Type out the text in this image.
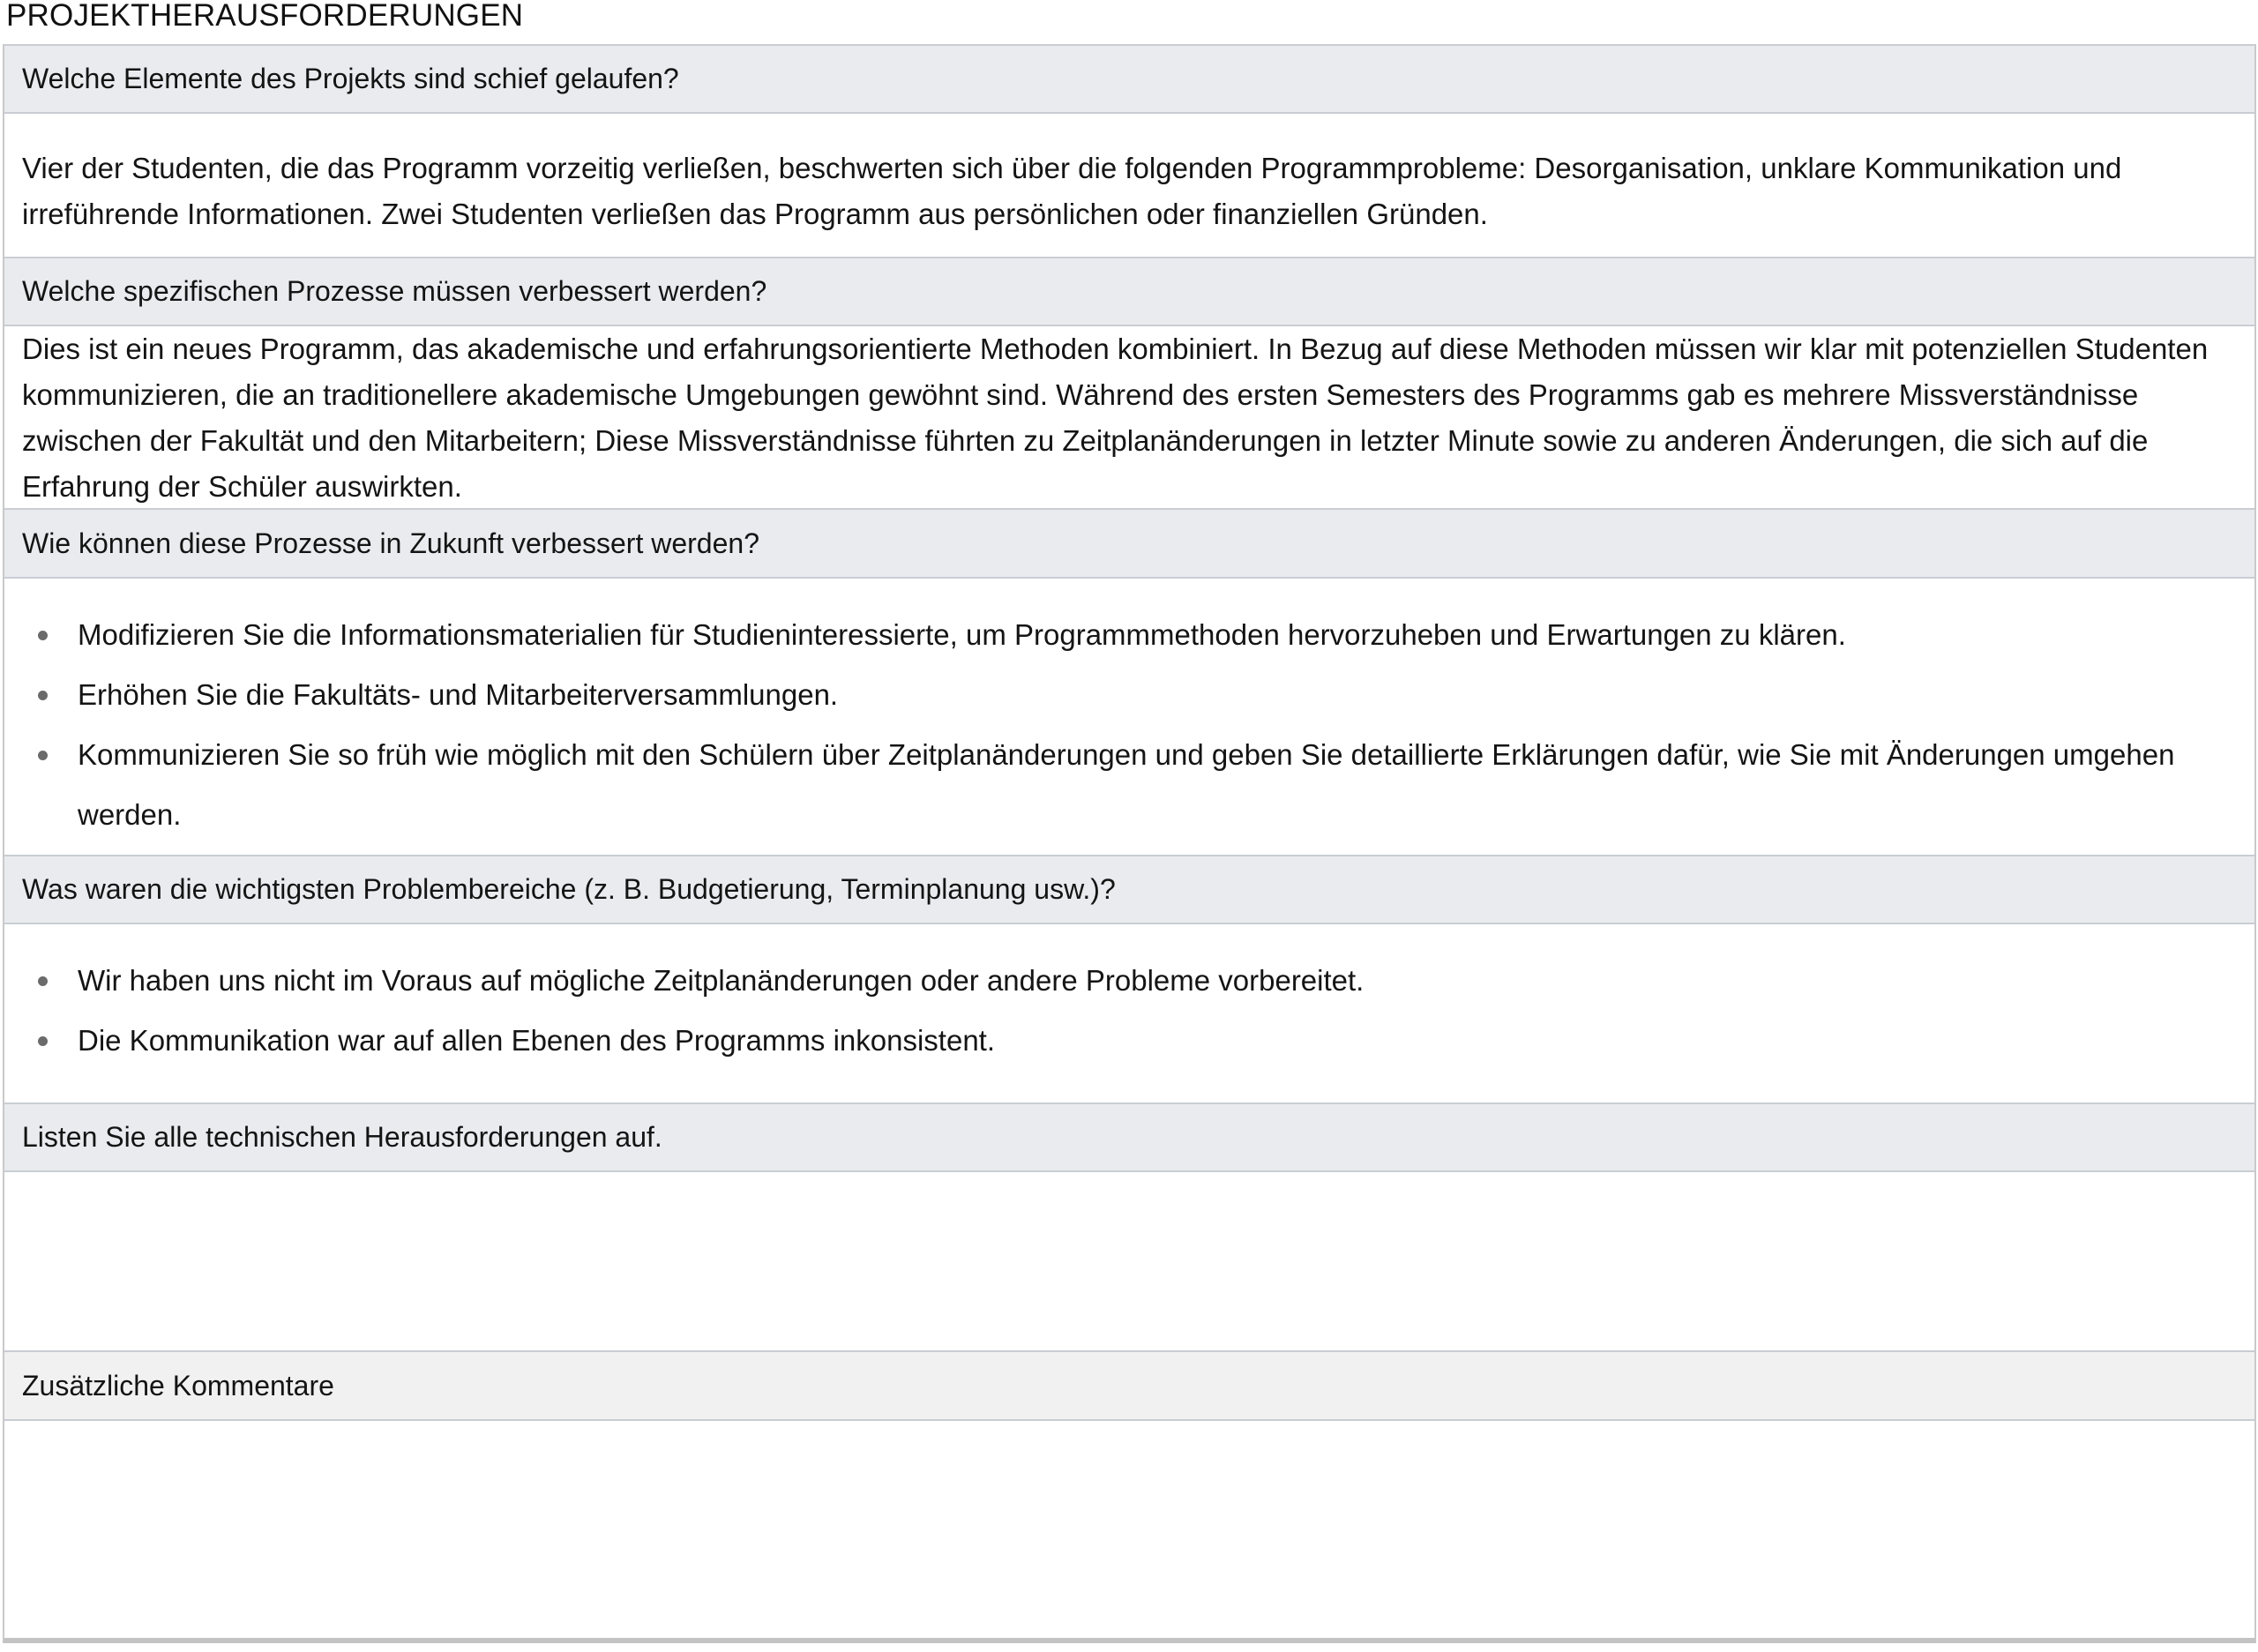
PROJEKTHERAUSFORDERUNGEN
Welche Elemente des Projekts sind schief gelaufen?
Vier der Studenten, die das Programm vorzeitig verließen, beschwerten sich über die folgenden Programmprobleme: Desorganisation, unklare Kommunikation und irreführende Informationen. Zwei Studenten verließen das Programm aus persönlichen oder finanziellen Gründen.
Welche spezifischen Prozesse müssen verbessert werden?
Dies ist ein neues Programm, das akademische und erfahrungsorientierte Methoden kombiniert. In Bezug auf diese Methoden müssen wir klar mit potenziellen Studenten kommunizieren, die an traditionellere akademische Umgebungen gewöhnt sind. Während des ersten Semesters des Programms gab es mehrere Missverständnisse zwischen der Fakultät und den Mitarbeitern; Diese Missverständnisse führten zu Zeitplanänderungen in letzter Minute sowie zu anderen Änderungen, die sich auf die Erfahrung der Schüler auswirkten.
Wie können diese Prozesse in Zukunft verbessert werden?
Modifizieren Sie die Informationsmaterialien für Studieninteressierte, um Programmmethoden hervorzuheben und Erwartungen zu klären.
Erhöhen Sie die Fakultäts- und Mitarbeiterversammlungen.
Kommunizieren Sie so früh wie möglich mit den Schülern über Zeitplanänderungen und geben Sie detaillierte Erklärungen dafür, wie Sie mit Änderungen umgehen werden.
Was waren die wichtigsten Problembereiche (z. B. Budgetierung, Terminplanung usw.)?
Wir haben uns nicht im Voraus auf mögliche Zeitplanänderungen oder andere Probleme vorbereitet.
Die Kommunikation war auf allen Ebenen des Programms inkonsistent.
Listen Sie alle technischen Herausforderungen auf.
Zusätzliche Kommentare
